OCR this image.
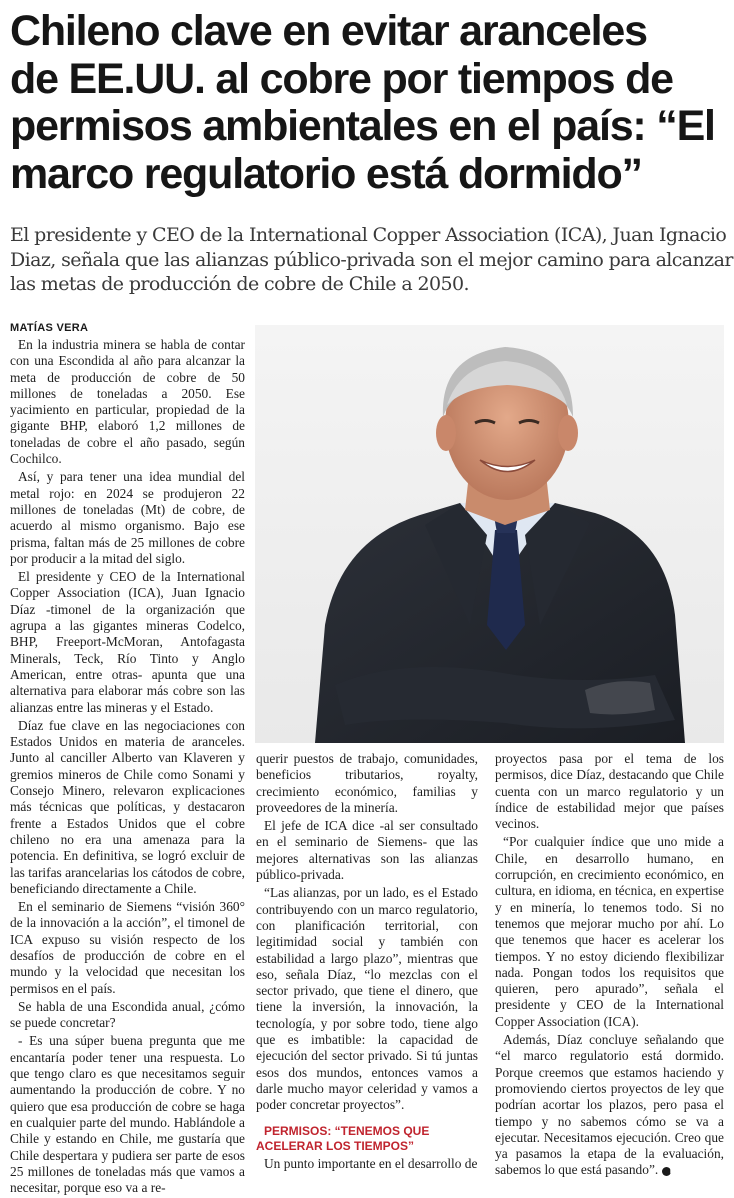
Chileno clave en evitar aranceles
de EE.UU. al cobre por tiempos de
permisos ambientales en el país: “El
marco regulatorio está dormido”
El presidente y CEO de la International Copper Association (ICA), Juan Ignacio
Diaz, señala que las alianzas público-privada son el mejor camino para alcanzar
las metas de producción de cobre de Chile a 2050.
MATÍAS VERA

En la industria minera se habla de contar con una Escondida al año para alcanzar la meta de producción de cobre de 50 millones de toneladas a 2050. Ese yacimiento en particular, propiedad de la gigante BHP, elaboró 1,2 millones de toneladas de cobre el año pasado, según Cochilco.

Así, y para tener una idea mundial del metal rojo: en 2024 se produjeron 22 millones de toneladas (Mt) de cobre, de acuerdo al mismo organismo. Bajo ese prisma, faltan más de 25 millones de cobre por producir a la mitad del siglo.

El presidente y CEO de la International Copper Association (ICA), Juan Ignacio Díaz -timonel de la organización que agrupa a las gigantes mineras Codelco, BHP, Freeport-McMoran, Antofagasta Minerals, Teck, Río Tinto y Anglo American, entre otras- apunta que una alternativa para elaborar más cobre son las alianzas entre las mineras y el Estado.

Díaz fue clave en las negociaciones con Estados Unidos en materia de aranceles. Junto al canciller Alberto van Klaveren y gremios mineros de Chile como Sonami y Consejo Minero, relevaron explicaciones más técnicas que políticas, y destacaron frente a Estados Unidos que el cobre chileno no era una amenaza para la potencia. En definitiva, se logró excluir de las tarifas arancelarias los cátodos de cobre, beneficiando directamente a Chile.

En el seminario de Siemens “visión 360° de la innovación a la acción”, el timonel de ICA expuso su visión respecto de los desafíos de producción de cobre en el mundo y la velocidad que necesitan los permisos en el país.

Se habla de una Escondida anual, ¿cómo se puede concretar?

- Es una súper buena pregunta que me encantaría poder tener una respuesta. Lo que tengo claro es que necesitamos seguir aumentando la producción de cobre. Y no quiero que esa producción de cobre se haga en cualquier parte del mundo. Hablándole a Chile y estando en Chile, me gustaría que Chile despertara y pudiera ser parte de esos 25 millones de toneladas más que vamos a necesitar, porque eso va a re-

querir puestos de trabajo, comunidades, beneficios tributarios, royalty, crecimiento económico, familias y proveedores de la minería.

El jefe de ICA dice -al ser consultado en el seminario de Siemens- que las mejores alternativas son las alianzas público-privada.

“Las alianzas, por un lado, es el Estado contribuyendo con un marco regulatorio, con planificación territorial, con legitimidad social y también con estabilidad a largo plazo”, mientras que eso, señala Díaz, “lo mezclas con el sector privado, que tiene el dinero, que tiene la inversión, la innovación, la tecnología, y por sobre todo, tiene algo que es imbatible: la capacidad de ejecución del sector privado. Si tú juntas esos dos mundos, entonces vamos a darle mucho mayor celeridad y vamos a poder concretar proyectos”.

PERMISOS: “TENEMOS QUE ACELERAR LOS TIEMPOS”

Un punto importante en el desarrollo de

proyectos pasa por el tema de los permisos, dice Díaz, destacando que Chile cuenta con un marco regulatorio y un índice de estabilidad mejor que países vecinos.

“Por cualquier índice que uno mide a Chile, en desarrollo humano, en corrupción, en crecimiento económico, en cultura, en idioma, en técnica, en expertise y en minería, lo tenemos todo. Si no tenemos que mejorar mucho por ahí. Lo que tenemos que hacer es acelerar los tiempos. Y no estoy diciendo flexibilizar nada. Pongan todos los requisitos que quieren, pero apurado”, señala el presidente y CEO de la International Copper Association (ICA).

Además, Díaz concluye señalando que “el marco regulatorio está dormido. Porque creemos que estamos haciendo y promoviendo ciertos proyectos de ley que podrían acortar los plazos, pero pasa el tiempo y no sabemos cómo se va a ejecutar. Necesitamos ejecución. Creo que ya pasamos la etapa de la evaluación, sabemos lo que está pasando”. P
